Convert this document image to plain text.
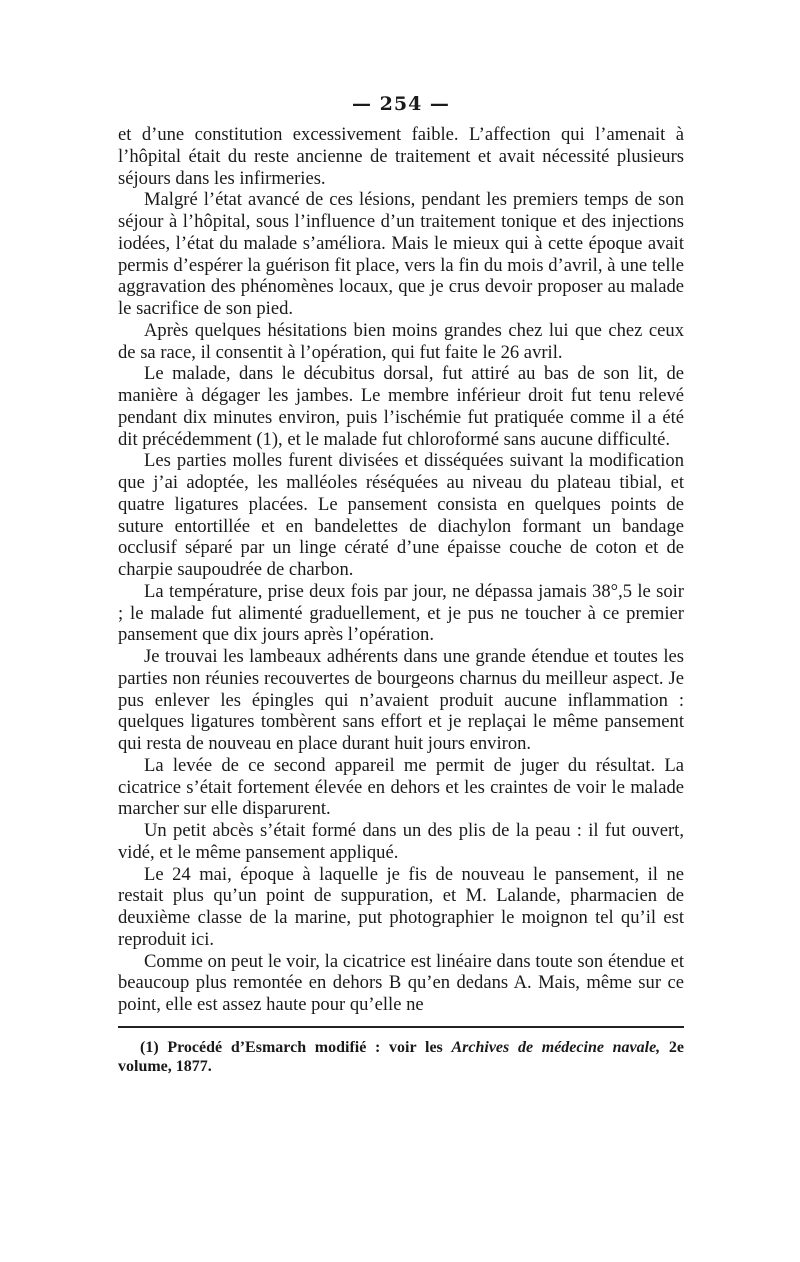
— 254 —

et d’une constitution excessivement faible. L’affection qui l’amenait à l’hôpital était du reste ancienne de traitement et avait nécessité plusieurs séjours dans les infirmeries.

Malgré l’état avancé de ces lésions, pendant les premiers temps de son séjour à l’hôpital, sous l’influence d’un traitement tonique et des injections iodées, l’état du malade s’améliora. Mais le mieux qui à cette époque avait permis d’espérer la guérison fit place, vers la fin du mois d’avril, à une telle aggravation des phénomènes locaux, que je crus devoir proposer au malade le sacrifice de son pied.

Après quelques hésitations bien moins grandes chez lui que chez ceux de sa race, il consentit à l’opération, qui fut faite le 26 avril.

Le malade, dans le décubitus dorsal, fut attiré au bas de son lit, de manière à dégager les jambes. Le membre inférieur droit fut tenu relevé pendant dix minutes environ, puis l’ischémie fut pratiquée comme il a été dit précédemment (1), et le malade fut chloroformé sans aucune difficulté.

Les parties molles furent divisées et disséquées suivant la modification que j’ai adoptée, les malléoles réséquées au niveau du plateau tibial, et quatre ligatures placées. Le pansement consista en quelques points de suture entortillée et en bandelettes de diachylon formant un bandage occlusif séparé par un linge cératé d’une épaisse couche de coton et de charpie saupoudrée de charbon.

La température, prise deux fois par jour, ne dépassa jamais 38°,5 le soir ; le malade fut alimenté graduellement, et je pus ne toucher à ce premier pansement que dix jours après l’opération.

Je trouvai les lambeaux adhérents dans une grande étendue et toutes les parties non réunies recouvertes de bourgeons charnus du meilleur aspect. Je pus enlever les épingles qui n’avaient produit aucune inflammation : quelques ligatures tombèrent sans effort et je replaçai le même pansement qui resta de nouveau en place durant huit jours environ.

La levée de ce second appareil me permit de juger du résultat. La cicatrice s’était fortement élevée en dehors et les craintes de voir le malade marcher sur elle disparurent.

Un petit abcès s’était formé dans un des plis de la peau : il fut ouvert, vidé, et le même pansement appliqué.

Le 24 mai, époque à laquelle je fis de nouveau le pansement, il ne restait plus qu’un point de suppuration, et M. Lalande, pharmacien de deuxième classe de la marine, put photographier le moignon tel qu’il est reproduit ici.

Comme on peut le voir, la cicatrice est linéaire dans toute son étendue et beaucoup plus remontée en dehors B qu’en dedans A. Mais, même sur ce point, elle est assez haute pour qu’elle ne

(1) Procédé d’Esmarch modifié : voir les Archives de médecine navale, 2e volume, 1877.
